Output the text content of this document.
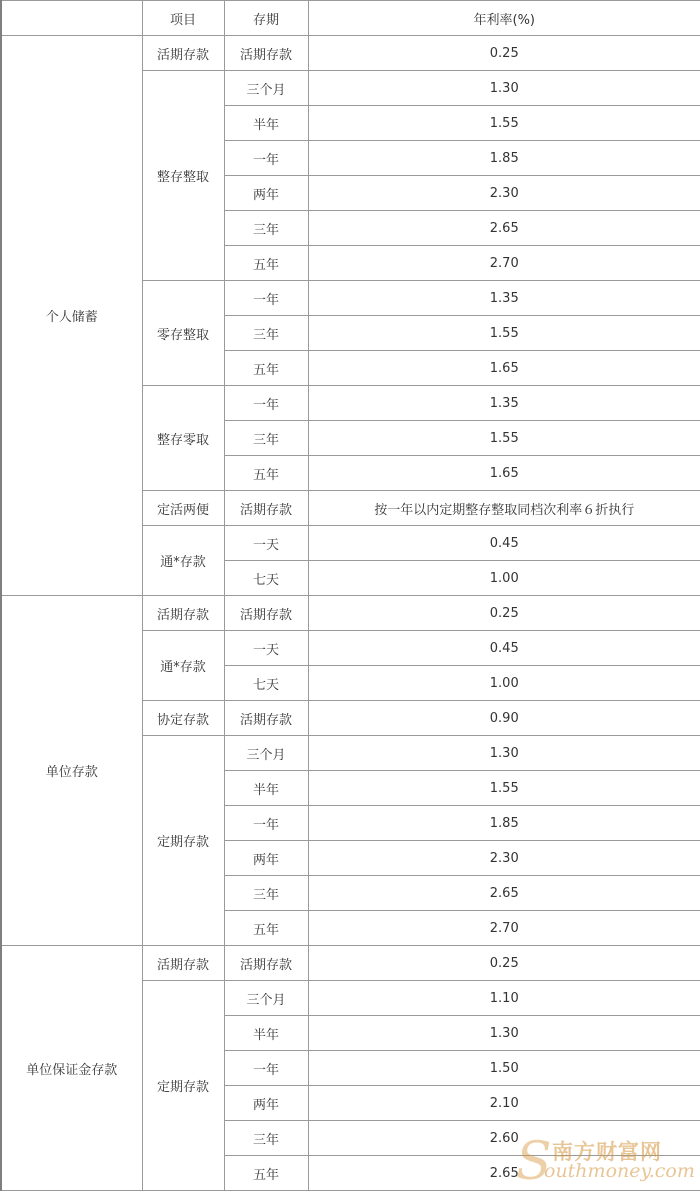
	项目	存期	年利率(%)
个人储蓄	活期存款	活期存款	0.25
	整存整取	三个月	1.30
		半年	1.55
		一年	1.85
		两年	2.30
		三年	2.65
		五年	2.70
	零存整取	一年	1.35
		三年	1.55
		五年	1.65
	整存零取	一年	1.35
		三年	1.55
		五年	1.65
	定活两便	活期存款	按一年以内定期整存整取同档次利率６折执行
	通*存款	一天	0.45
		七天	1.00
单位存款	活期存款	活期存款	0.25
	通*存款	一天	0.45
		七天	1.00
	协定存款	活期存款	0.90
	定期存款	三个月	1.30
		半年	1.55
		一年	1.85
		两年	2.30
		三年	2.65
		五年	2.70
单位保证金存款	活期存款	活期存款	0.25
	定期存款	三个月	1.10
		半年	1.30
		一年	1.50
		两年	2.10
		三年	2.60
		五年	2.65
S 南方财富网
outhmoney.com
